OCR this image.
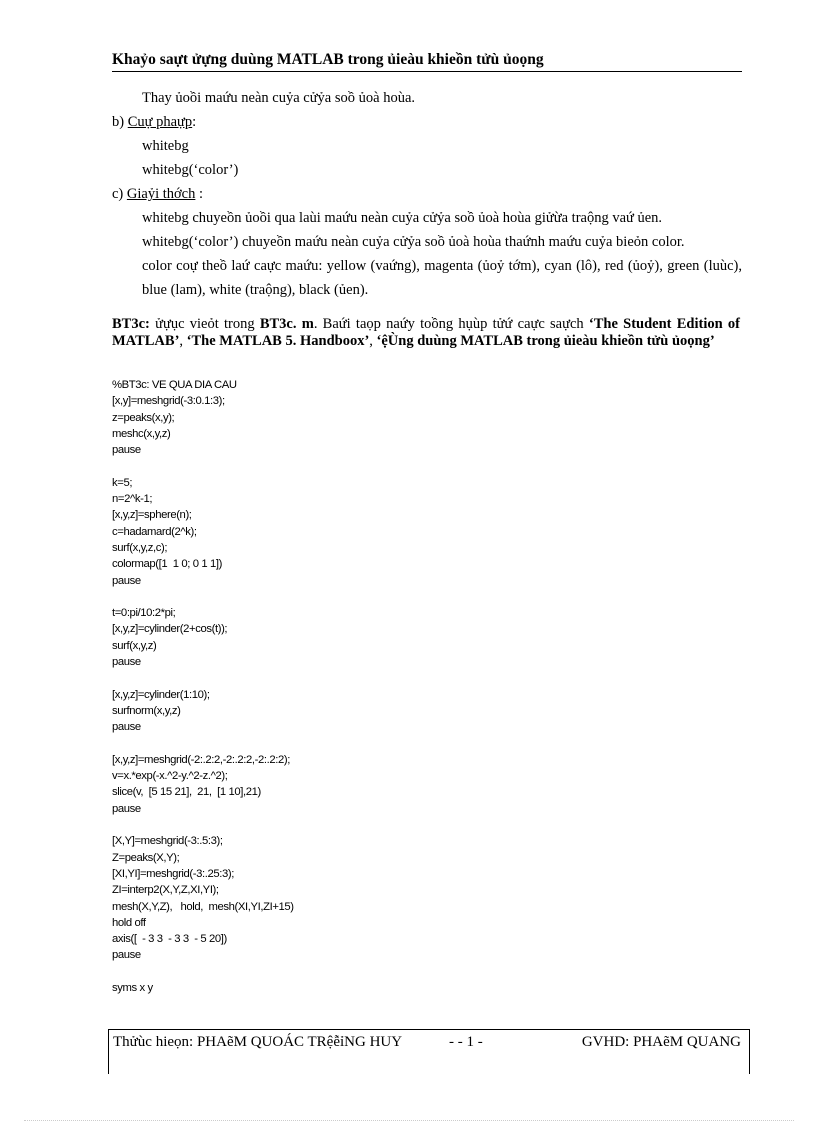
Khaỷo saựt ửựng duùng MATLAB trong ủieàu khieồn tửù ủoọng
Thay ủoồi maứu neàn cuỷa cửỷa soồ ủoà hoùa.
b) Cuự phaựp:
whitebg
whitebg(‘color’)
c) Giaỷi thớch :
whitebg chuyeồn ủoồi qua laùi maứu neàn cuỷa cửỷa soồ ủoà hoùa giửừa traộng vaứ ủen.
whitebg(‘color’) chuyeồn maứu neàn cuỷa cửỷa soồ ủoà hoùa thaứnh maứu cuỷa bieỏn color.
color coự theồ laứ caực maứu: yellow (vaứng), magenta (ủoỷ tớm), cyan (lô), red (ủoỷ), green (luùc), blue (lam), white (traộng), black (ủen).
BT3c: ửựục vieỏt trong BT3c. m. Baứi taọp naứy toồng hụùp tửứ caực saựch ‘The Student Edition of MATLAB’, ‘The MATLAB 5. Handboox’, ‘ệÙng duùng MATLAB trong ủieàu khieồn tửù ủoọng’
%BT3c: VE QUA DIA CAU
[x,y]=meshgrid(-3:0.1:3);
z=peaks(x,y);
meshc(x,y,z)
pause
k=5;
n=2^k-1;
[x,y,z]=sphere(n);
c=hadamard(2^k);
surf(x,y,z,c);
colormap([1  1 0; 0 1 1])
pause
t=0:pi/10:2*pi;
[x,y,z]=cylinder(2+cos(t));
surf(x,y,z)
pause
[x,y,z]=cylinder(1:10);
surfnorm(x,y,z)
pause
[x,y,z]=meshgrid(-2:.2:2,-2:.2:2,-2:.2:2);
v=x.*exp(-x.^2-y.^2-z.^2);
slice(v,  [5 15 21],  21,  [1 10],21)
pause
[X,Y]=meshgrid(-3:.5:3);
Z=peaks(X,Y);
[XI,YI]=meshgrid(-3:.25:3);
ZI=interp2(X,Y,Z,XI,YI);
mesh(X,Y,Z),   hold,  mesh(XI,YI,ZI+15)
hold off
axis([  - 3 3  - 3 3  - 5 20])
pause
syms x y
Thửùc hieọn: PHAẽM QUOÁC TRệễỉNG HUY	- - 1 -	GVHD: PHAẽM QUANG
